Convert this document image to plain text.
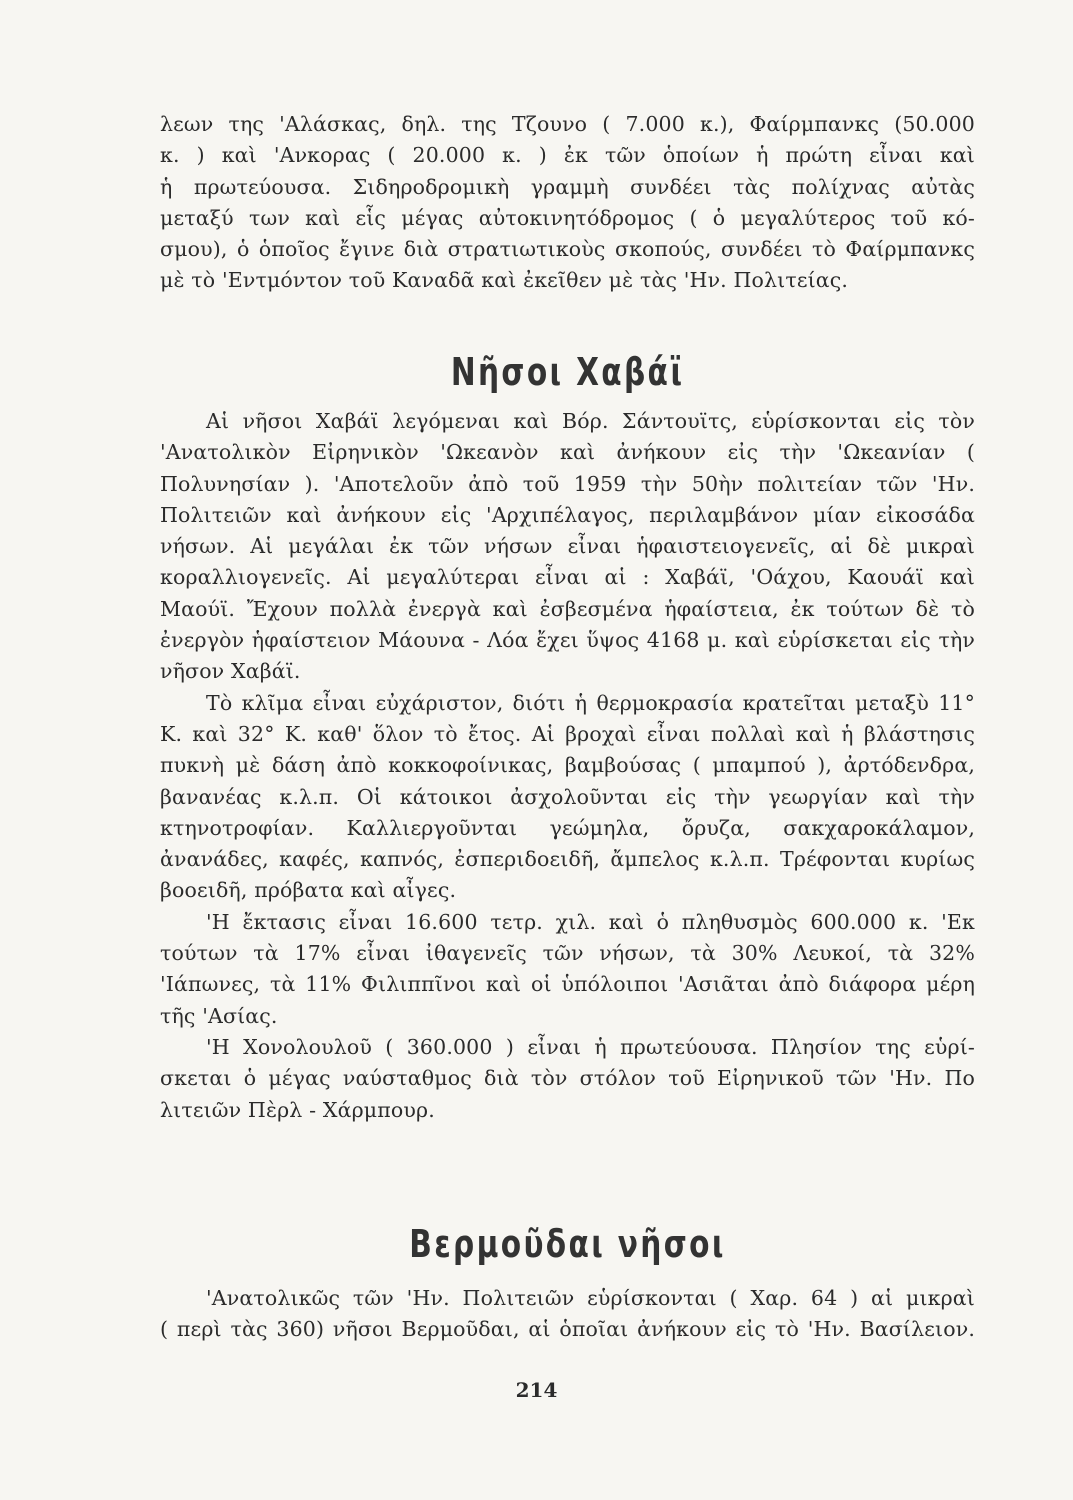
λεων της 'Αλάσκας, δηλ. της Τζουνο ( 7.000 κ.), Φαίρμπανκς (50.000

κ. ) καὶ 'Ανκορας ( 20.000 κ. ) ἐκ τῶν ὁποίων ἡ πρώτη εἶναι καὶ

ἡ πρωτεύουσα. Σιδηροδρομικὴ γραμμὴ συνδέει τὰς πολίχνας αὐτὰς

μεταξύ των καὶ εἷς μέγας αὐτοκινητόδρομος ( ὁ μεγαλύτερος τοῦ κό-

σμου), ὁ ὁποῖος ἔγινε διὰ στρατιωτικοὺς σκοπούς, συνδέει τὸ Φαίρμπανκς

μὲ τὸ 'Εντμόντον τοῦ Καναδᾶ καὶ ἐκεῖθεν μὲ τὰς 'Ην. Πολιτείας.

Νῆσοι Χαβάϊ

Αἱ νῆσοι Χαβάϊ λεγόμεναι καὶ Βόρ. Σάντουϊτς, εὑρίσκονται εἰς τὸν 'Ανατολικὸν Εἰρηνικὸν 'Ωκεανὸν καὶ ἀνήκουν εἰς τὴν 'Ωκεανίαν ( Πολυνησίαν ). 'Αποτελοῦν ἀπὸ τοῦ 1959 τὴν 50ὴν πολιτείαν τῶν 'Ην. Πολιτειῶν καὶ ἀνήκουν εἰς 'Αρχιπέλαγος, περιλαμβάνον μίαν εἰκοσάδα νήσων. Αἱ μεγάλαι ἐκ τῶν νήσων εἶναι ἡφαιστειογενεῖς, αἱ δὲ μικραὶ κοραλλιογενεῖς. Αἱ μεγαλύτεραι εἶναι αἱ : Χαβάϊ, 'Οάχου, Καουάϊ καὶ Μαούϊ. Ἔχουν πολλὰ ἐνεργὰ καὶ ἐσβεσμένα ἡφαίστεια, ἐκ τούτων δὲ τὸ ἐνεργὸν ἡφαίστειον Μάουνα - Λόα ἔχει ὕψος 4168 μ. καὶ εὑρίσκεται εἰς τὴν νῆσον Χαβάϊ.

Τὸ κλῖμα εἶναι εὐχάριστον, διότι ἡ θερμοκρασία κρατεῖται μεταξὺ 11° Κ. καὶ 32° Κ. καθ' ὅλον τὸ ἔτος. Αἱ βροχαὶ εἶναι πολλαὶ καὶ ἡ βλάστησις πυκνὴ μὲ δάση ἀπὸ κοκκοφοίνικας, βαμβούσας ( μπαμπού ), ἀρτόδενδρα, βανανέας κ.λ.π. Οἱ κάτοικοι ἀσχολοῦνται εἰς τὴν γεωργίαν καὶ τὴν κτηνοτροφίαν. Καλλιεργοῦνται γεώμηλα, ὄρυζα, σακχαροκάλαμον, ἀνανάδες, καφές, καπνός, ἐσπεριδοειδῆ, ἄμπελος κ.λ.π. Τρέφονται κυρίως βοοειδῆ, πρόβατα καὶ αἶγες.

'Η ἔκτασις εἶναι 16.600 τετρ. χιλ. καὶ ὁ πληθυσμὸς 600.000 κ. 'Εκ τούτων τὰ 17% εἶναι ἰθαγενεῖς τῶν νήσων, τὰ 30% Λευκοί, τὰ 32% 'Ιάπωνες, τὰ 11% Φιλιππῖνοι καὶ οἱ ὑπόλοιποι 'Ασιᾶται ἀπὸ διάφορα μέρη τῆς 'Ασίας.

'Η Χονολουλοῦ ( 360.000 ) εἶναι ἡ πρωτεύουσα. Πλησίον της εὑρί-

σκεται ὁ μέγας ναύσταθμος διὰ τὸν στόλον τοῦ Εἰρηνικοῦ τῶν 'Ην. Πο

λιτειῶν Πὲρλ - Χάρμπουρ.

Βερμοῦδαι νῆσοι

'Ανατολικῶς τῶν 'Ην. Πολιτειῶν εὑρίσκονται ( Χαρ. 64 ) αἱ μικραὶ

( περὶ τὰς 360) νῆσοι Βερμοῦδαι, αἱ ὁποῖαι ἀνήκουν εἰς τὸ 'Ην. Βασίλειον.

214
